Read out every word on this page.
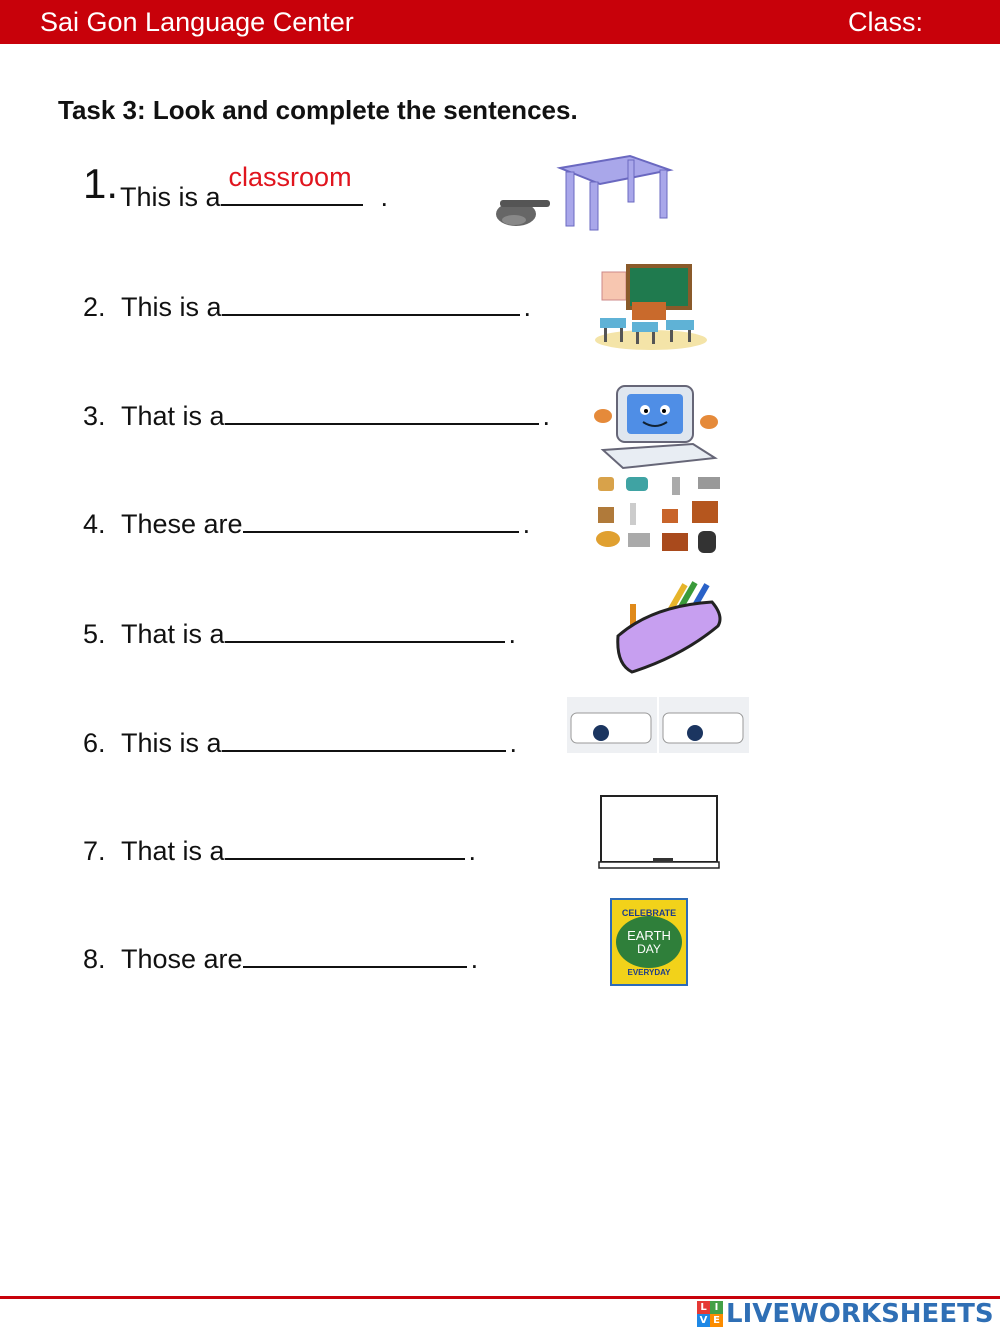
Sai Gon Language Center	Class:
Task 3: Look and complete the sentences.
1. This is a
classroom
.
2. This is a	.
3. That is a	.
4. These are	.
5. That is a	.
6. This is a	.
7. That is a	.
8. Those are	.
CELEBRATE
EARTH
DAY
EVERYDAY
L I
V E LIVEWORKSHEETS
